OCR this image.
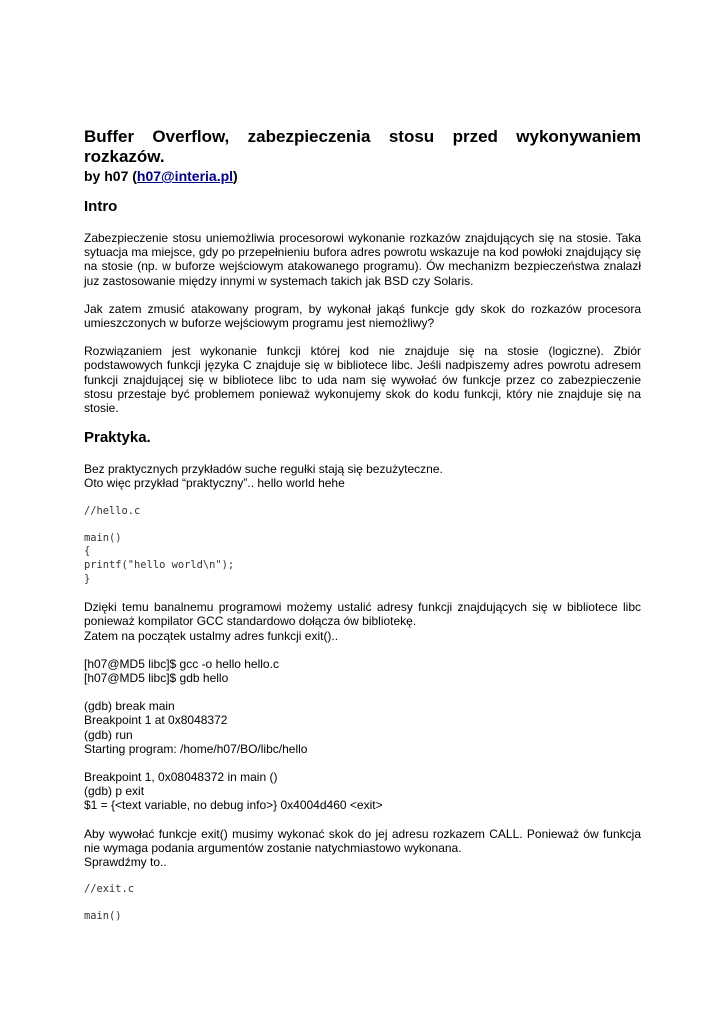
Buffer Overflow, zabezpieczenia stosu przed wykonywaniem rozkazów.
by h07 (h07@interia.pl)
Intro

Zabezpieczenie stosu uniemożliwia procesorowi wykonanie rozkazów znajdujących się na stosie. Taka sytuacja ma miejsce, gdy po przepełnieniu bufora adres powrotu wskazuje na kod powłoki znajdujący się na stosie (np. w buforze wejściowym atakowanego programu). Ów mechanizm bezpieczeństwa znalazł juz zastosowanie między innymi w systemach takich jak BSD czy Solaris.

Jak zatem zmusić atakowany program, by wykonał jakąś funkcje gdy skok do rozkazów procesora umieszczonych w buforze wejściowym programu jest niemożliwy?

Rozwiązaniem jest wykonanie funkcji której kod nie znajduje się na stosie (logiczne). Zbiór podstawowych funkcji języka C znajduje się w bibliotece libc. Jeśli nadpiszemy adres powrotu adresem funkcji znajdującej się w bibliotece libc to uda nam się wywołać ów funkcje przez co zabezpieczenie stosu przestaje być problemem ponieważ wykonujemy skok do kodu funkcji, który nie znajduje się na stosie.

Praktyka.
Bez praktycznych przykładów suche regułki stają się bezużyteczne.
Oto więc przykład “praktyczny”.. hello world hehe
//hello.c

main()
{
printf("hello world\n");
}

Dzięki temu banalnemu programowi możemy ustalić adresy funkcji znajdujących się w bibliotece libc ponieważ kompilator GCC standardowo dołącza ów bibliotekę.

Zatem na początek ustalmy adres funkcji exit()..

[h07@MD5 libc]$ gcc -o hello hello.c
[h07@MD5 libc]$ gdb hello
(gdb) break main
Breakpoint 1 at 0x8048372
(gdb) run
Starting program: /home/h07/BO/libc/hello
Breakpoint 1, 0x08048372 in main ()
(gdb) p exit
$1 = {<text variable, no debug info>} 0x4004d460 <exit>

Aby wywołać funkcje exit() musimy wykonać skok do jej adresu rozkazem CALL. Ponieważ ów funkcja nie wymaga podania argumentów zostanie natychmiastowo wykonana.

Sprawdźmy to..

//exit.c

main()
